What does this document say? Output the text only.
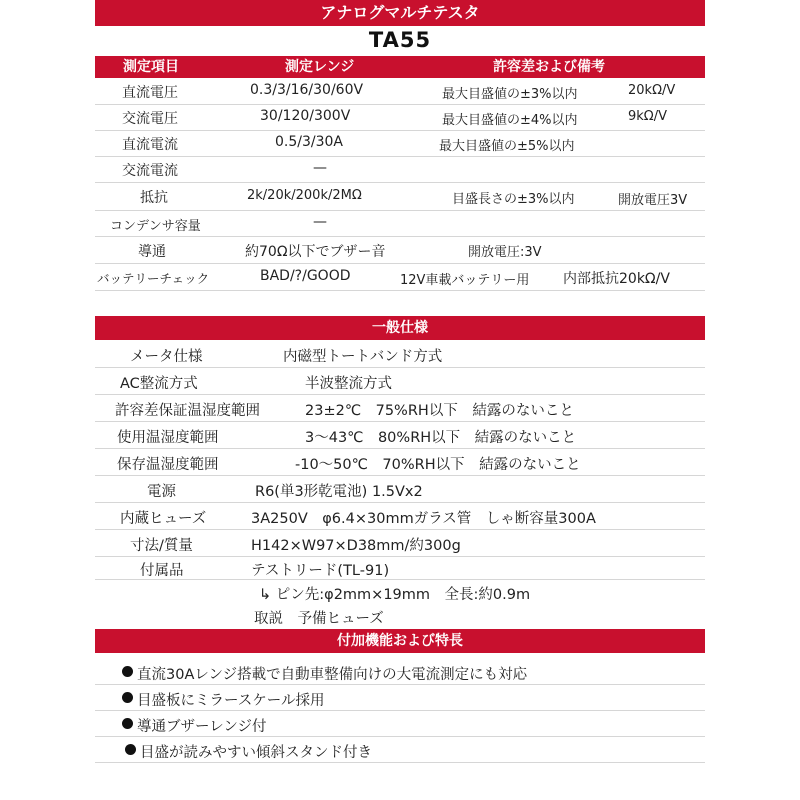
アナログマルチテスタ
TA55
測定項目	測定レンジ	許容差および備考
直流電圧	0.3/3/16/30/60V	最大目盛値の±3%以内	20kΩ/V
交流電圧	30/120/300V	最大目盛値の±4%以内	9kΩ/V
直流電流	0.5/3/30A	最大目盛値の±5%以内
交流電流	—
抵抗	2k/20k/200k/2MΩ	目盛長さの±3%以内	開放電圧3V
コンデンサ容量	—
導通	約70Ω以下でブザー音	開放電圧:3V
バッテリーチェック	BAD/?/GOOD	12V車載バッテリー用 内部抵抗20kΩ/V
一般仕様
メータ仕様	内磁型トートバンド方式
AC整流方式	半波整流方式
許容差保証温湿度範囲	23±2℃　75%RH以下　結露のないこと
使用温湿度範囲	3～43℃　80%RH以下　結露のないこと
保存温湿度範囲	-10～50℃　70%RH以下　結露のないこと
電源	R6(単3形乾電池) 1.5Vx2
内蔵ヒューズ	3A250V　φ6.4×30mmガラス管　しゃ断容量300A
寸法/質量	H142×W97×D38mm/約300g
付属品	テストリード(TL-91)
↳ ピン先:φ2mm×19mm　全長:約0.9m
取説　予備ヒューズ
付加機能および特長
直流30Aレンジ搭載で自動車整備向けの大電流測定にも対応
目盛板にミラースケール採用
導通ブザーレンジ付
目盛が読みやすい傾斜スタンド付き
